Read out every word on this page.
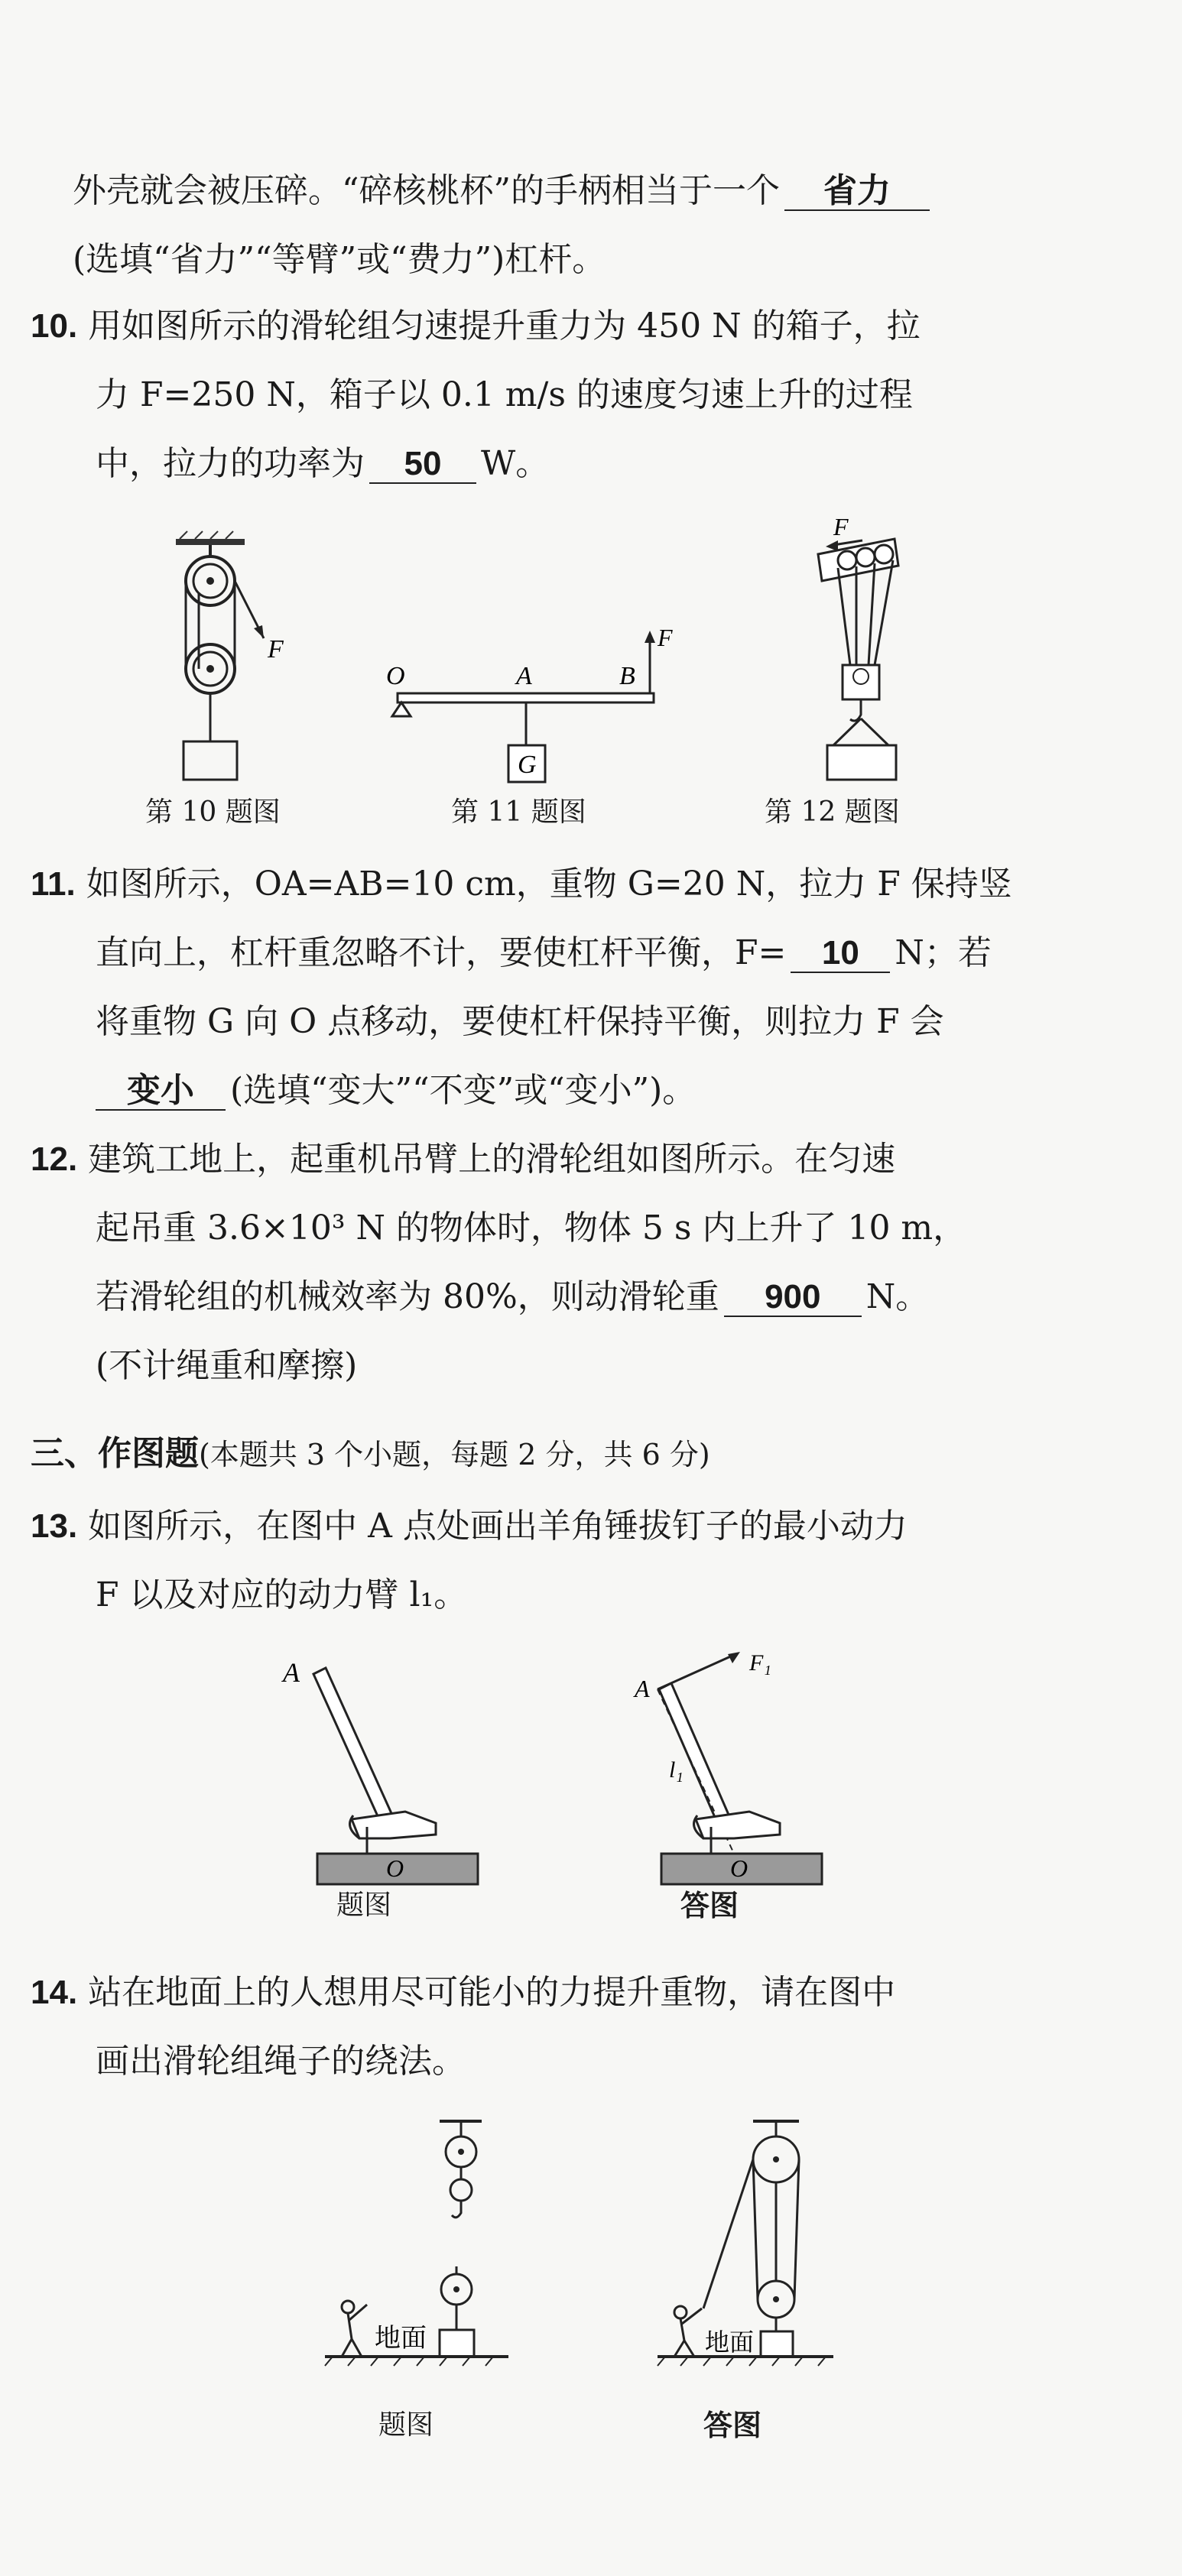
外壳就会被压碎。“碎核桃杯”的手柄相当于一个 省力
(选填“省力”“等臂”或“费力”)杠杆。
10. 用如图所示的滑轮组匀速提升重力为 450 N 的箱子，拉
力 F=250 N，箱子以 0.1 m/s 的速度匀速上升的过程
中，拉力的功率为 50 W。
F
O	A	B
F
G
F
第 10 题图	第 11 题图	第 12 题图
11. 如图所示，OA=AB=10 cm，重物 G=20 N，拉力 F 保持竖
直向上，杠杆重忽略不计，要使杠杆平衡，F= 10 N；若
将重物 G 向 O 点移动，要使杠杆保持平衡，则拉力 F 会
变小 (选填“变大”“不变”或“变小”)。
12. 建筑工地上，起重机吊臂上的滑轮组如图所示。在匀速
起吊重 3.6×10³ N 的物体时，物体 5 s 内上升了 10 m，
若滑轮组的机械效率为 80%，则动滑轮重 900 N。
(不计绳重和摩擦)
三、作图题(本题共 3 个小题，每题 2 分，共 6 分)
13. 如图所示，在图中 A 点处画出羊角锤拔钉子的最小动力
F 以及对应的动力臂 l₁。
A
O
题图
A
F₁
l₁
O
答图
14. 站在地面上的人想用尽可能小的力提升重物，请在图中
画出滑轮组绳子的绕法。
地面
题图
地面
答图
